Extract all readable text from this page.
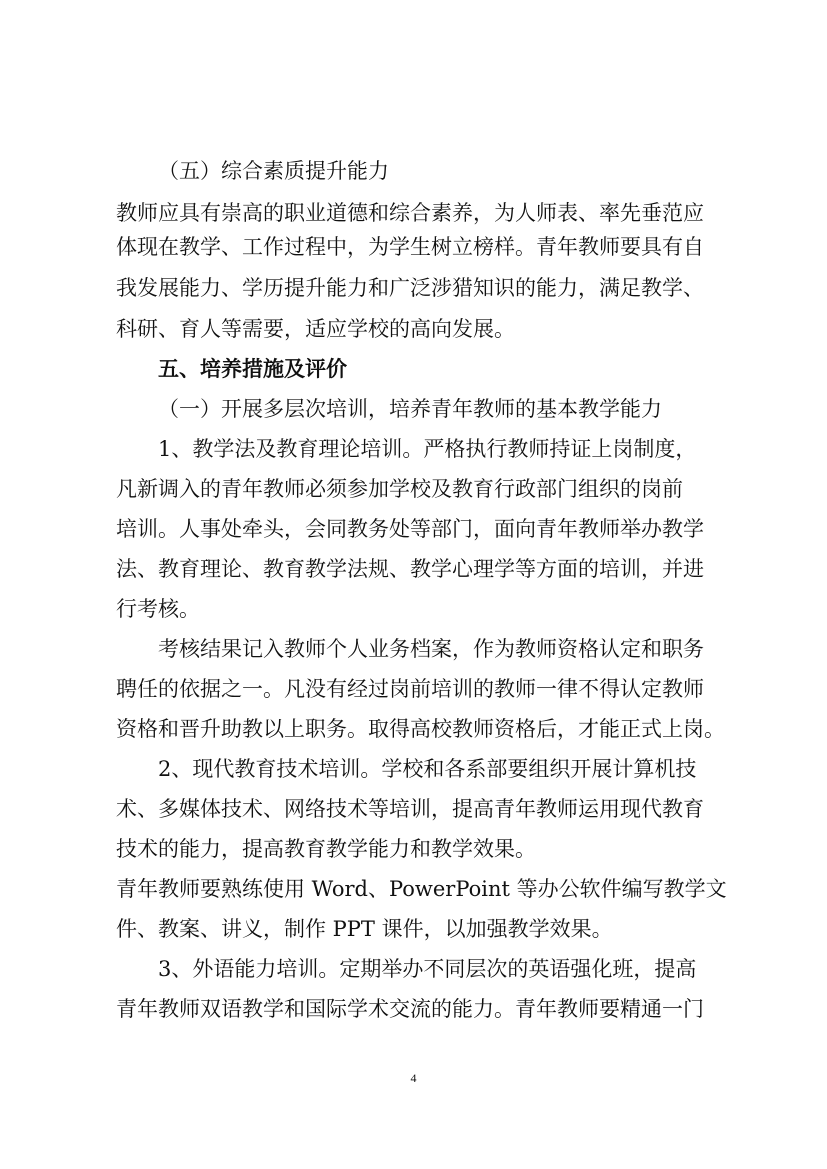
（五）综合素质提升能力

教师应具有崇高的职业道德和综合素养，为人师表、率先垂范应

体现在教学、工作过程中，为学生树立榜样。青年教师要具有自

我发展能力、学历提升能力和广泛涉猎知识的能力，满足教学、

科研、育人等需要，适应学校的高向发展。

五、培养措施及评价

（一）开展多层次培训，培养青年教师的基本教学能力

1、教学法及教育理论培训。严格执行教师持证上岗制度，

凡新调入的青年教师必须参加学校及教育行政部门组织的岗前

培训。人事处牵头，会同教务处等部门，面向青年教师举办教学

法、教育理论、教育教学法规、教学心理学等方面的培训，并进

行考核。

考核结果记入教师个人业务档案，作为教师资格认定和职务

聘任的依据之一。凡没有经过岗前培训的教师一律不得认定教师

资格和晋升助教以上职务。取得高校教师资格后，才能正式上岗。

2、现代教育技术培训。学校和各系部要组织开展计算机技

术、多媒体技术、网络技术等培训，提高青年教师运用现代教育

技术的能力，提高教育教学能力和教学效果。

青年教师要熟练使用 Word、PowerPoint 等办公软件编写教学文

件、教案、讲义，制作 PPT 课件，以加强教学效果。

3、外语能力培训。定期举办不同层次的英语强化班，提高

青年教师双语教学和国际学术交流的能力。青年教师要精通一门

4
